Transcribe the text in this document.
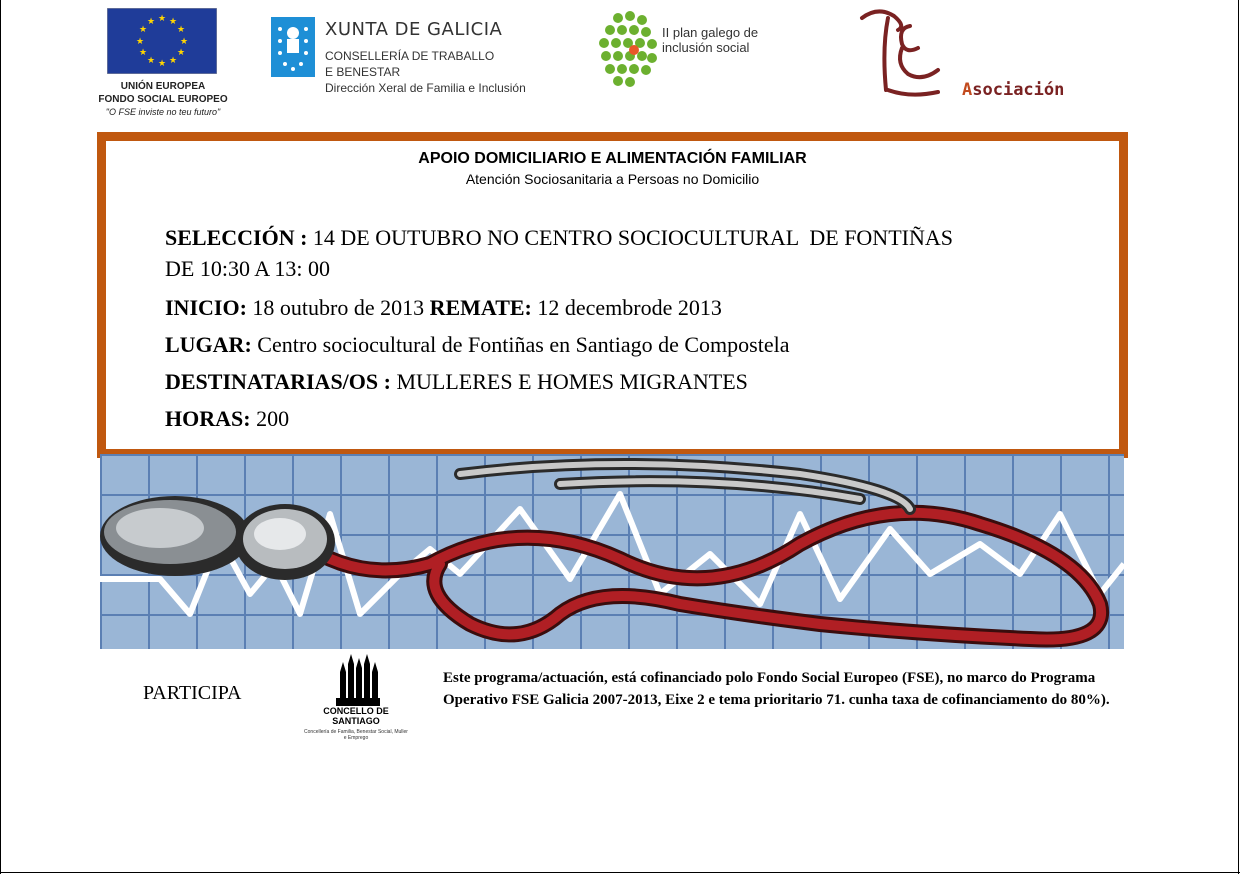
★ ★
★
★
★
★
★
★
★
★
★
★
UNIÓN EUROPEA
FONDO SOCIAL EUROPEO
"O FSE inviste no teu futuro"
XUNTA DE GALICIA
CONSELLERÍA DE TRABALLO
E BENESTAR
Dirección Xeral de Familia e Inclusión
II plan galego de
inclusión social

Asociación

APOIO DOMICILIARIO E ALIMENTACIÓN FAMILIAR
Atención Sociosanitaria a Persoas no Domicilio
SELECCIÓN : 14 DE OUTUBRO NO CENTRO SOCIOCULTURAL  DE FONTIÑAS
DE 10:30 A 13: 00
INICIO: 18 outubro de 2013 REMATE: 12 decembrode 2013
LUGAR: Centro sociocultural de Fontiñas en Santiago de Compostela
DESTINATARIAS/OS : MULLERES E HOMES MIGRANTES
HORAS: 200
PARTICIPA
CONCELLO DE
SANTIAGO
Concellería de Familia, Benestar Social, Muller e Emprego
Este programa/actuación, está cofinanciado polo Fondo Social Europeo (FSE), no marco do Programa Operativo FSE Galicia 2007-2013, Eixe 2 e tema prioritario 71. cunha taxa de cofinanciamento do 80%).
